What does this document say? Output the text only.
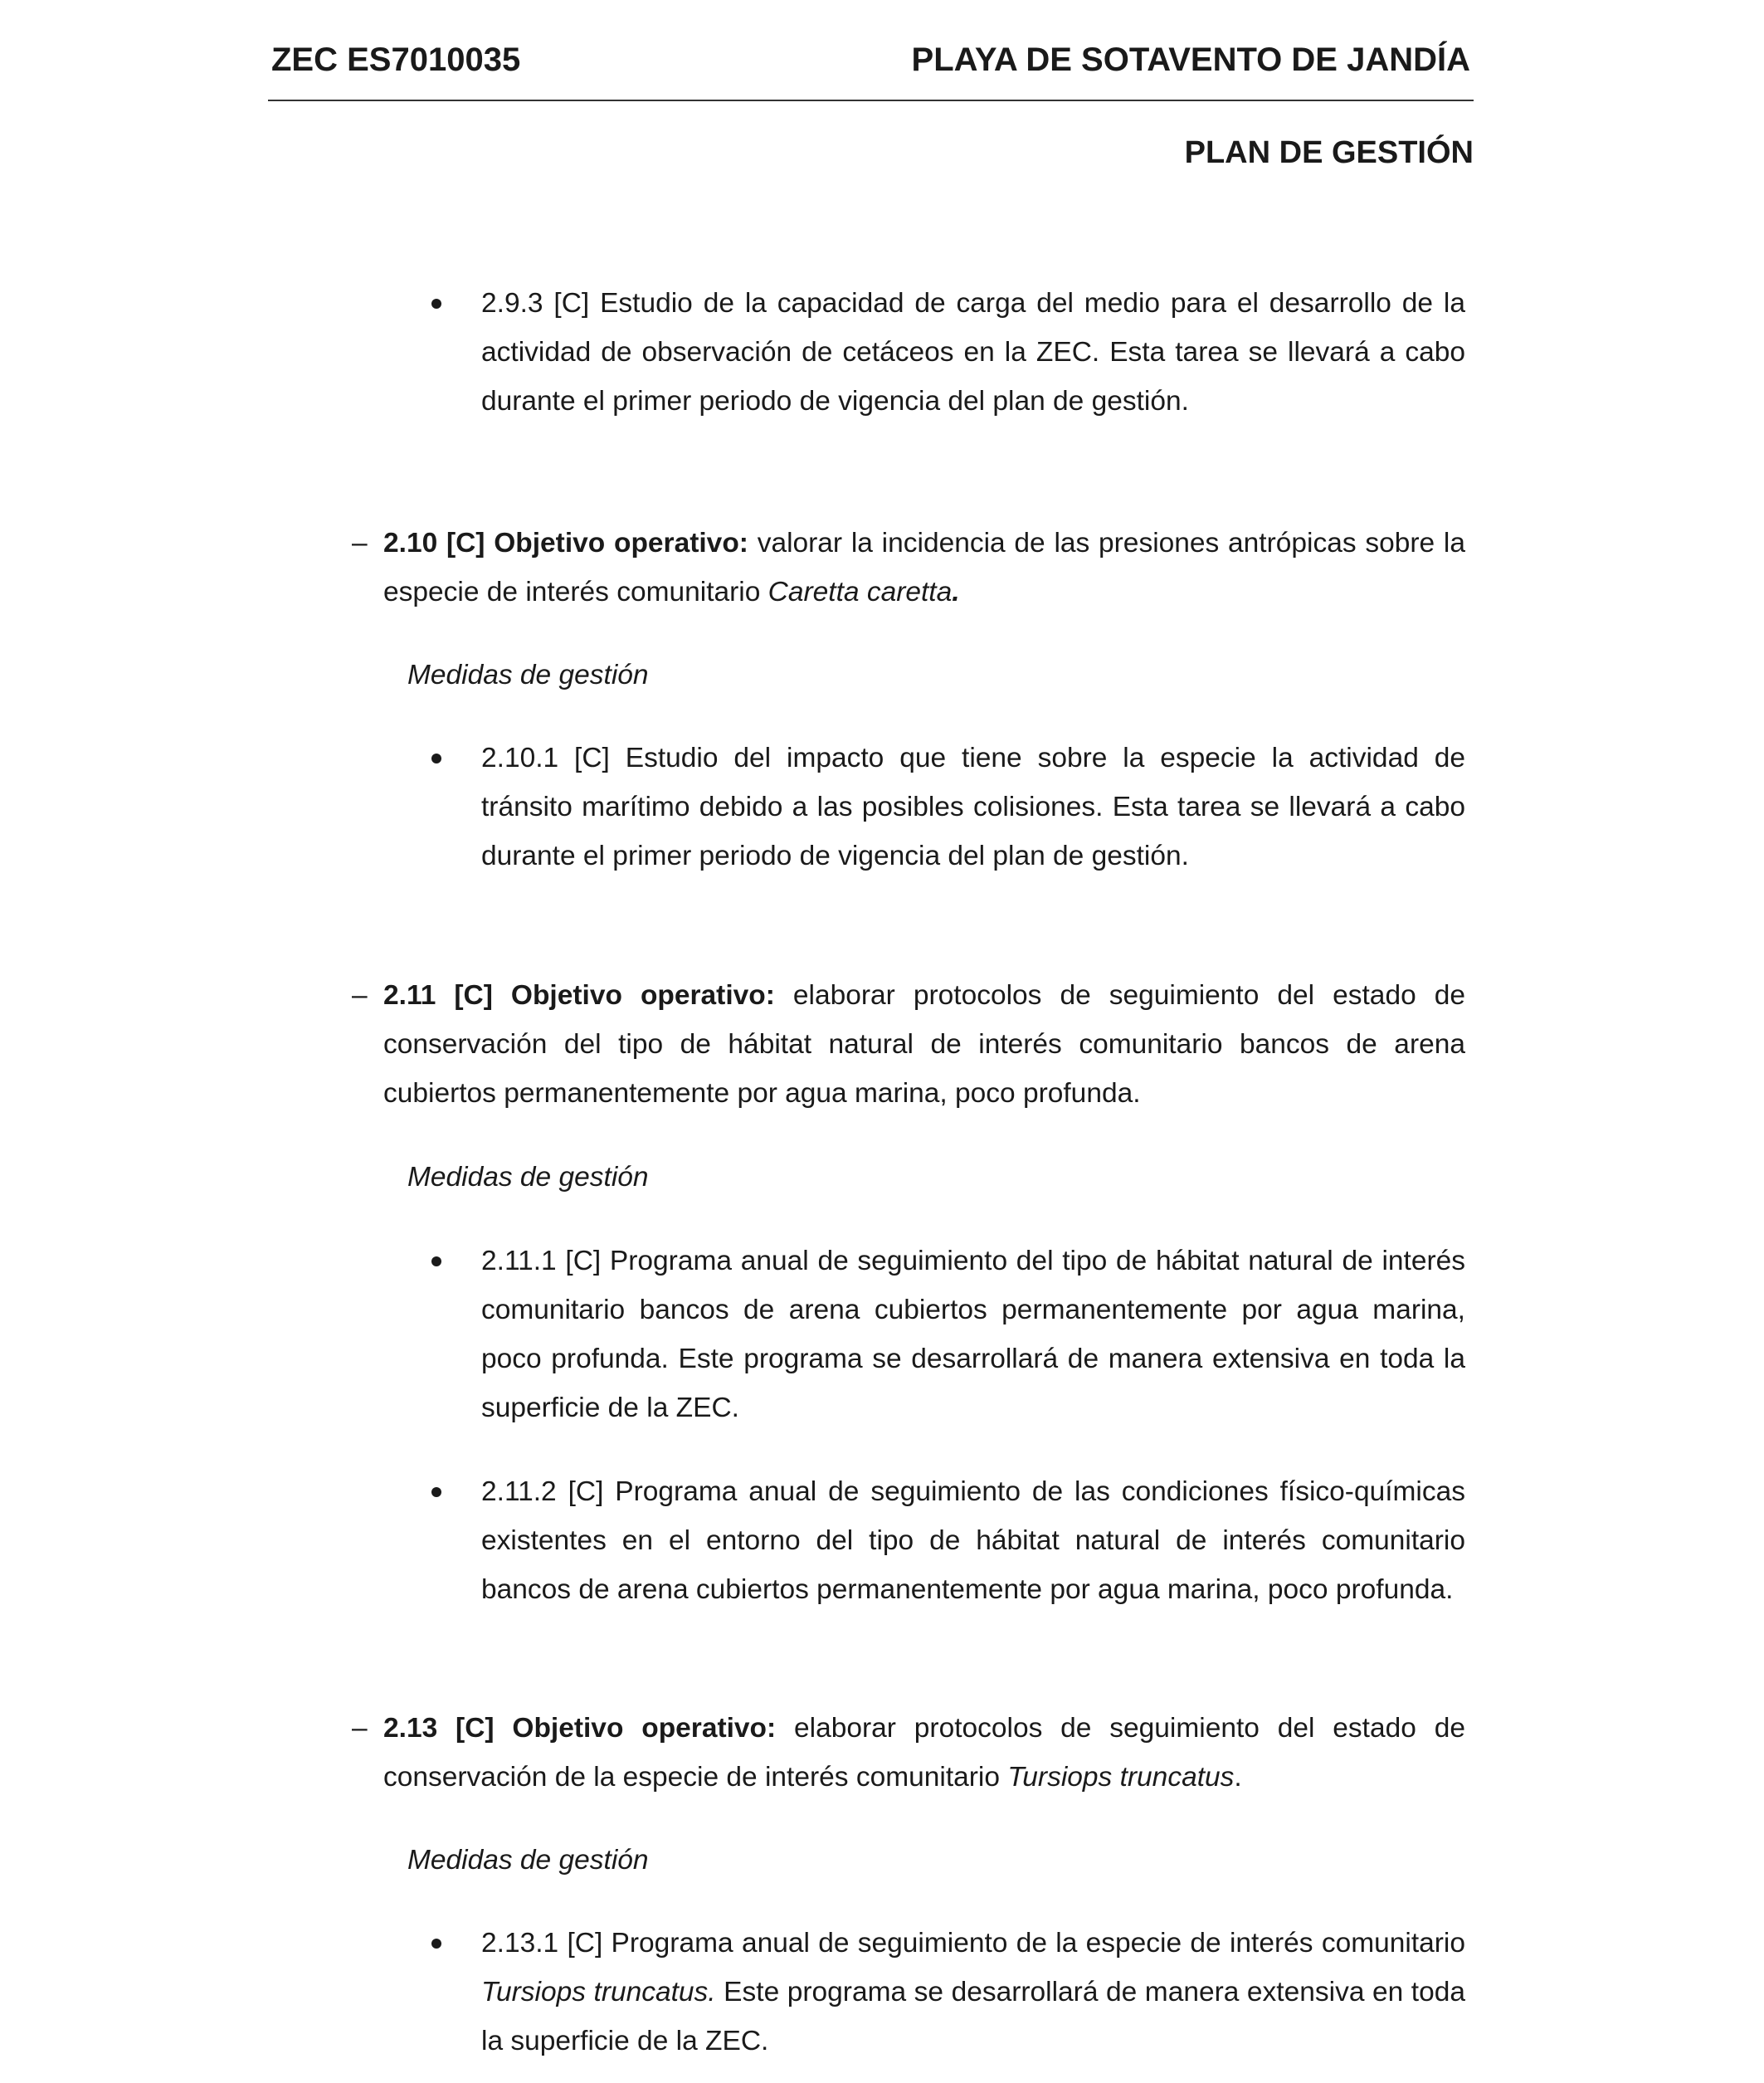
ZEC ES7010035	PLAYA DE SOTAVENTO DE JANDÍA
PLAN DE GESTIÓN

2.9.3 [C] Estudio de la capacidad de carga del medio para el desarrollo de la actividad de observación de cetáceos en la ZEC. Esta tarea se llevará a cabo durante el primer periodo de vigencia del plan de gestión.

– 2.10 [C] Objetivo operativo: valorar la incidencia de las presiones antrópicas sobre la especie de interés comunitario Caretta caretta.

Medidas de gestión

2.10.1 [C] Estudio del impacto que tiene sobre la especie la actividad de tránsito marítimo debido a las posibles colisiones. Esta tarea se llevará a cabo durante el primer periodo de vigencia del plan de gestión.

– 2.11 [C] Objetivo operativo: elaborar protocolos de seguimiento del estado de conservación del tipo de hábitat natural de interés comunitario bancos de arena cubiertos permanentemente por agua marina, poco profunda.

Medidas de gestión

2.11.1 [C] Programa anual de seguimiento del tipo de hábitat natural de interés comunitario bancos de arena cubiertos permanentemente por agua marina, poco profunda. Este programa se desarrollará de manera extensiva en toda la superficie de la ZEC.

2.11.2 [C] Programa anual de seguimiento de las condiciones físico-químicas existentes en el entorno del tipo de hábitat natural de interés comunitario bancos de arena cubiertos permanentemente por agua marina, poco profunda.

– 2.13 [C] Objetivo operativo: elaborar protocolos de seguimiento del estado de conservación de la especie de interés comunitario Tursiops truncatus.

Medidas de gestión

2.13.1 [C] Programa anual de seguimiento de la especie de interés comunitario Tursiops truncatus. Este programa se desarrollará de manera extensiva en toda la superficie de la ZEC.
